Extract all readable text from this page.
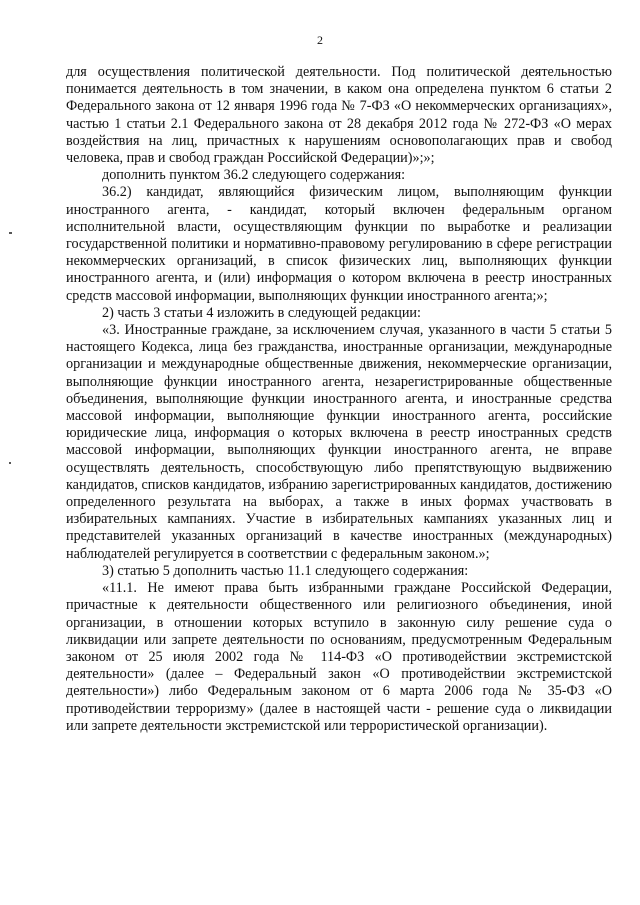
2

для осуществления политической деятельности. Под политической деятельностью понимается деятельность в том значении, в каком она определена пунктом 6 статьи 2 Федерального закона от 12 января 1996 года № 7-ФЗ «О некоммерческих организациях», частью 1 статьи 2.1 Федерального закона от 28 декабря 2012 года № 272-ФЗ «О мерах воздействия на лиц, причастных к нарушениям основополагающих прав и свобод человека, прав и свобод граждан Российской Федерации)»;»;

дополнить пунктом 36.2 следующего содержания:

36.2) кандидат, являющийся физическим лицом, выполняющим функции иностранного агента, - кандидат, который включен федеральным органом исполнительной власти, осуществляющим функции по выработке и реализации государственной политики и нормативно-правовому регулированию в сфере регистрации некоммерческих организаций, в список физических лиц, выполняющих функции иностранного агента, и (или) информация о котором включена в реестр иностранных средств массовой информации, выполняющих функции иностранного агента;»;

2) часть 3 статьи 4 изложить в следующей редакции:

«3. Иностранные граждане, за исключением случая, указанного в части 5 статьи 5 настоящего Кодекса, лица без гражданства, иностранные организации, международные организации и международные общественные движения, некоммерческие организации, выполняющие функции иностранного агента, незарегистрированные общественные объединения, выполняющие функции иностранного агента, и иностранные средства массовой информации, выполняющие функции иностранного агента, российские юридические лица, информация о которых включена в реестр иностранных средств массовой информации, выполняющих функции иностранного агента, не вправе осуществлять деятельность, способствующую либо препятствующую выдвижению кандидатов, списков кандидатов, избранию зарегистрированных кандидатов, достижению определенного результата на выборах, а также в иных формах участвовать в избирательных кампаниях. Участие в избирательных кампаниях указанных лиц и представителей указанных организаций в качестве иностранных (международных) наблюдателей регулируется в соответствии с федеральным законом.»;

3) статью 5 дополнить частью 11.1 следующего содержания:

«11.1. Не имеют права быть избранными граждане Российской Федерации, причастные к деятельности общественного или религиозного объединения, иной организации, в отношении которых вступило в законную силу решение суда о ликвидации или запрете деятельности по основаниям, предусмотренным Федеральным законом от 25 июля 2002 года № 114-ФЗ «О противодействии экстремистской деятельности» (далее – Федеральный закон «О противодействии экстремистской деятельности») либо Федеральным законом от 6 марта 2006 года № 35-ФЗ «О противодействии терроризму» (далее в настоящей части - решение суда о ликвидации или запрете деятельности экстремистской или террористической организации).
